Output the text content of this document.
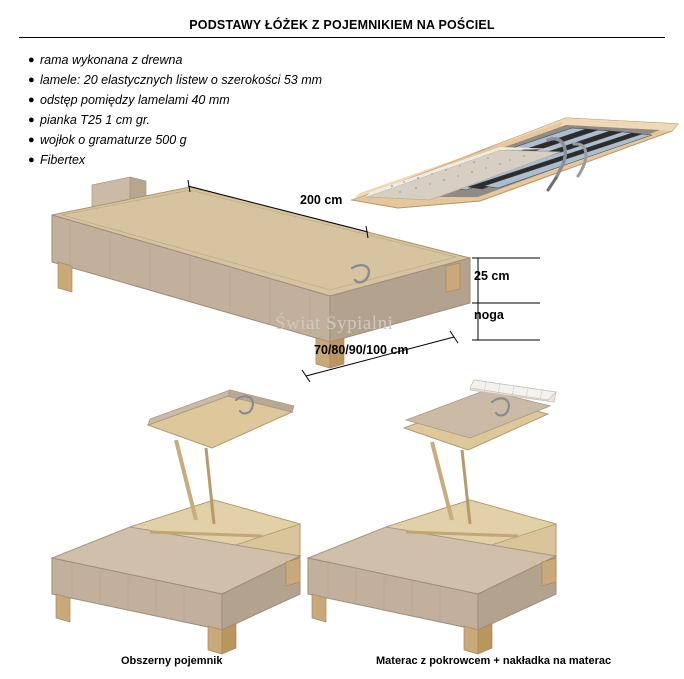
PODSTAWY ŁÓŻEK Z POJEMNIKIEM NA POŚCIEL
● rama wykonana z drewna
● lamele: 20 elastycznych listew o szerokości 53 mm
● odstęp pomiędzy lamelami 40 mm
● pianka T25 1 cm gr.
● wojłok o gramaturze 500 g
● Fibertex
200 cm
25 cm
noga
70/80/90/100 cm
Świat Sypialni
Obszerny pojemnik	Materac z pokrowcem + nakładka na materac
